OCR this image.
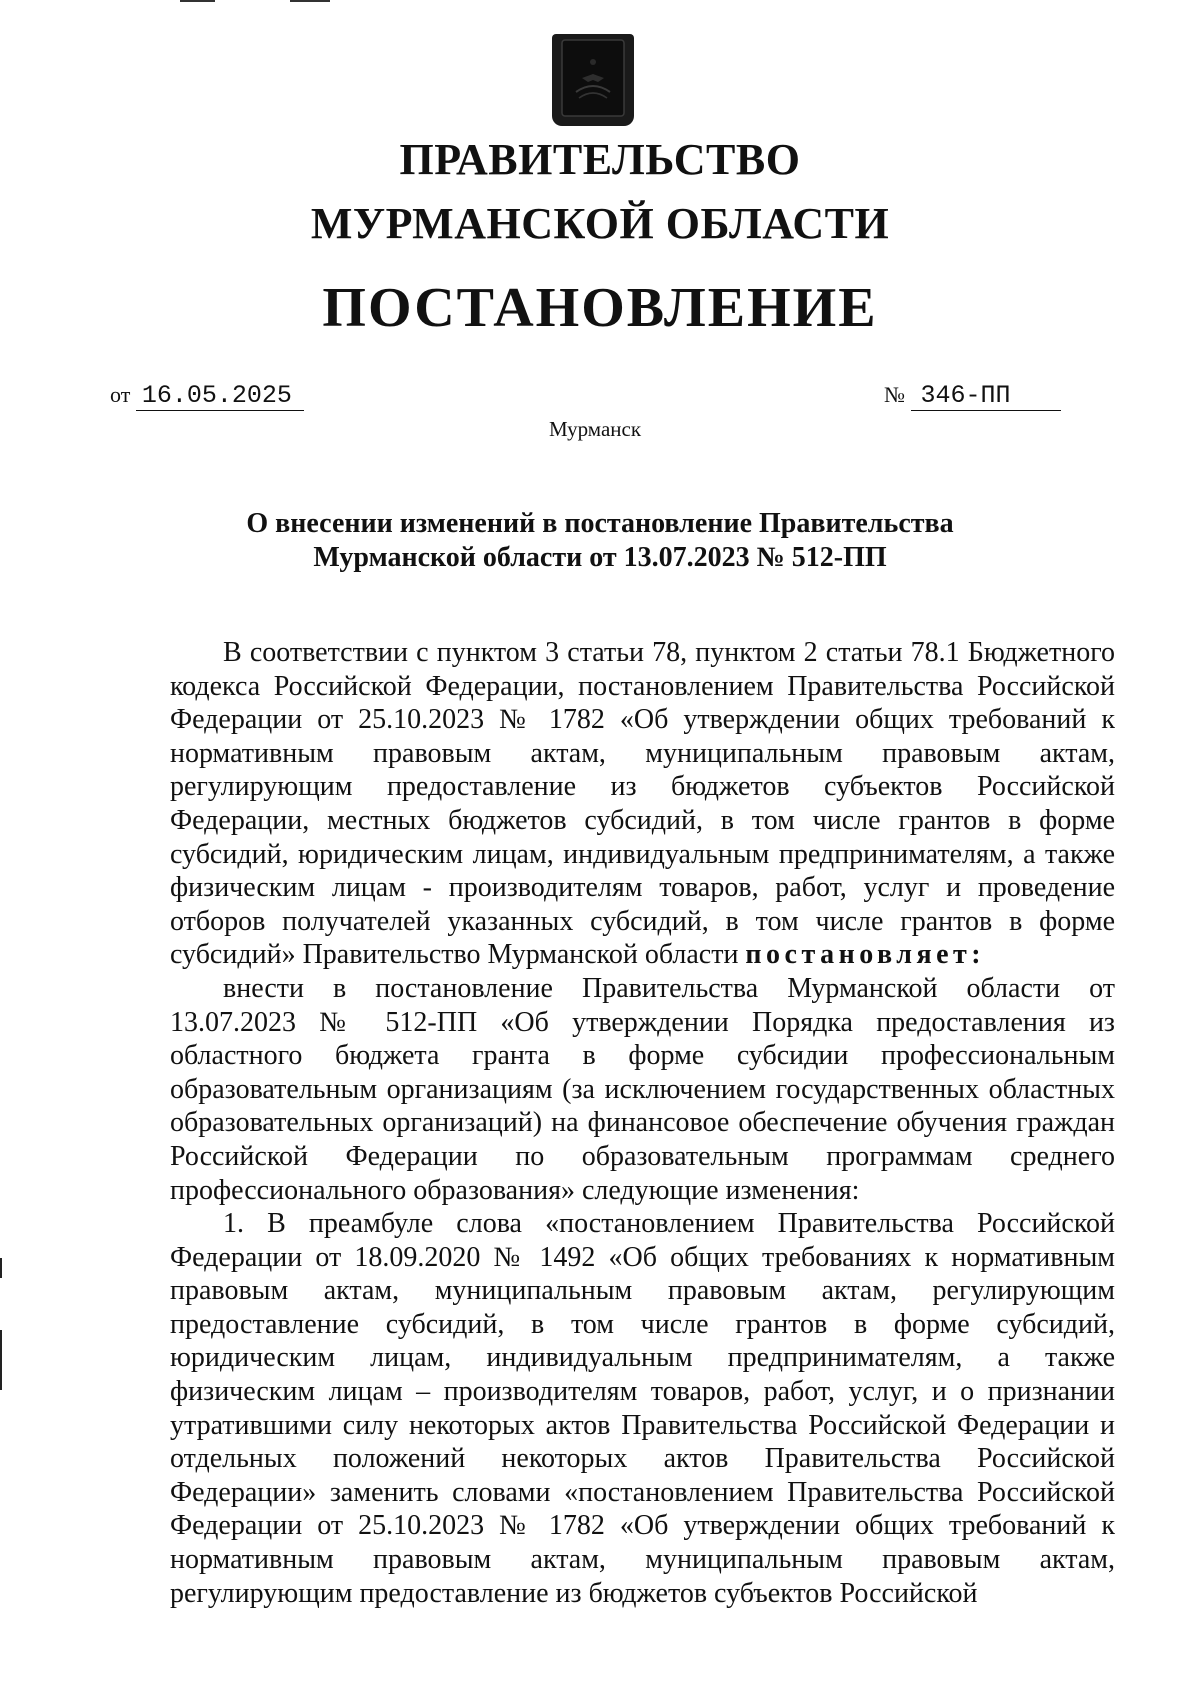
ПРАВИТЕЛЬСТВО
МУРМАНСКОЙ ОБЛАСТИ
ПОСТАНОВЛЕНИЕ
от 16.05.2025	№ 346-ПП
Мурманск
О внесении изменений в постановление Правительства
Мурманской области от 13.07.2023 № 512-ПП

В соответствии с пунктом 3 статьи 78, пунктом 2 статьи 78.1 Бюджетного кодекса Российской Федерации, постановлением Правительства Российской Федерации от 25.10.2023 № 1782 «Об утверждении общих требований к нормативным правовым актам, муниципальным правовым актам, регулирующим предоставление из бюджетов субъектов Российской Федерации, местных бюджетов субсидий, в том числе грантов в форме субсидий, юридическим лицам, индивидуальным предпринимателям, а также физическим лицам - производителям товаров, работ, услуг и проведение отборов получателей указанных субсидий, в том числе грантов в форме субсидий» Правительство Мурманской области постановляет:

внести в постановление Правительства Мурманской области от 13.07.2023 № 512-ПП «Об утверждении Порядка предоставления из областного бюджета гранта в форме субсидии профессиональным образовательным организациям (за исключением государственных областных образовательных организаций) на финансовое обеспечение обучения граждан Российской Федерации по образовательным программам среднего профессионального образования» следующие изменения:

1. В преамбуле слова «постановлением Правительства Российской Федерации от 18.09.2020 № 1492 «Об общих требованиях к нормативным правовым актам, муниципальным правовым актам, регулирующим предоставление субсидий, в том числе грантов в форме субсидий, юридическим лицам, индивидуальным предпринимателям, а также физическим лицам – производителям товаров, работ, услуг, и о признании утратившими силу некоторых актов Правительства Российской Федерации и отдельных положений некоторых актов Правительства Российской Федерации» заменить словами «постановлением Правительства Российской Федерации от 25.10.2023 № 1782 «Об утверждении общих требований к нормативным правовым актам, муниципальным правовым актам, регулирующим предоставление из бюджетов субъектов Российской
